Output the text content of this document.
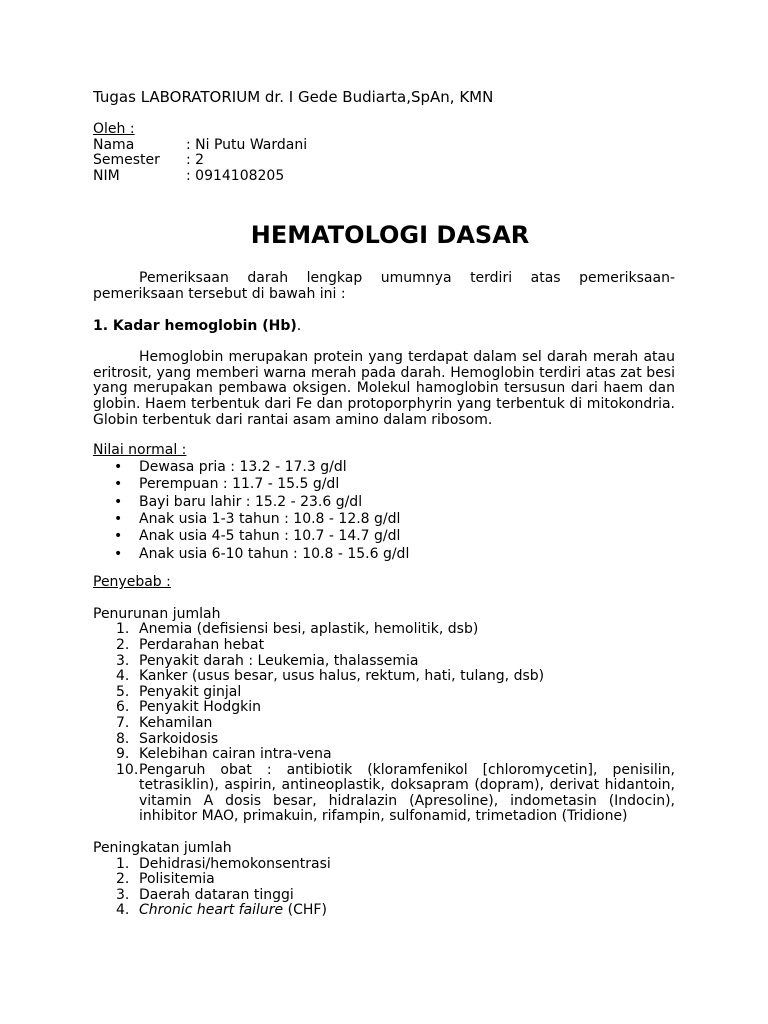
Tugas LABORATORIUM dr. I Gede Budiarta,SpAn, KMN
Oleh :
Nama	: Ni Putu Wardani
Semester	: 2
NIM	: 0914108205
HEMATOLOGI DASAR
Pemeriksaan darah lengkap umumnya terdiri atas pemeriksaan-
pemeriksaan tersebut di bawah ini :
1. Kadar hemoglobin (Hb).
Hemoglobin merupakan protein yang terdapat dalam sel darah merah atau eritrosit, yang memberi warna merah pada darah. Hemoglobin terdiri atas zat besi yang merupakan pembawa oksigen. Molekul hamoglobin tersusun dari haem dan globin. Haem terbentuk dari Fe dan protoporphyrin yang terbentuk di mitokondria. Globin terbentuk dari rantai asam amino dalam ribosom.
Nilai normal :
• Dewasa pria : 13.2 - 17.3 g/dl
• Perempuan : 11.7 - 15.5 g/dl
• Bayi baru lahir : 15.2 - 23.6 g/dl
• Anak usia 1-3 tahun : 10.8 - 12.8 g/dl
• Anak usia 4-5 tahun : 10.7 - 14.7 g/dl
• Anak usia 6-10 tahun : 10.8 - 15.6 g/dl
Penyebab :
Penurunan jumlah
1. Anemia (defisiensi besi, aplastik, hemolitik, dsb)
2. Perdarahan hebat
3. Penyakit darah : Leukemia, thalassemia
4. Kanker (usus besar, usus halus, rektum, hati, tulang, dsb)
5. Penyakit ginjal
6. Penyakit Hodgkin
7. Kehamilan
8. Sarkoidosis
9. Kelebihan cairan intra-vena
10. Pengaruh obat : antibiotik (kloramfenikol [chloromycetin], penisilin, tetrasiklin), aspirin, antineoplastik, doksapram (dopram), derivat hidantoin, vitamin A dosis besar, hidralazin (Apresoline), indometasin (Indocin), inhibitor MAO, primakuin, rifampin, sulfonamid, trimetadion (Tridione)
Peningkatan jumlah
1. Dehidrasi/hemokonsentrasi
2. Polisitemia
3. Daerah dataran tinggi
4. Chronic heart failure (CHF)
